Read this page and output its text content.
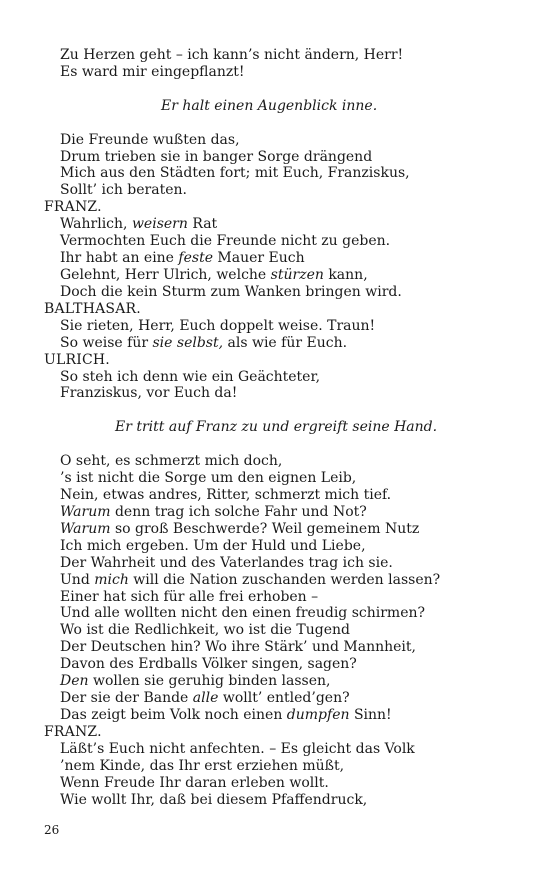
Zu Herzen geht – ich kann’s nicht ändern, Herr!
Es ward mir eingepflanzt!
Er halt einen Augenblick inne.
Die Freunde wußten das,
Drum trieben sie in banger Sorge drängend
Mich aus den Städten fort; mit Euch, Franziskus,
Sollt’ ich beraten.
FRANZ.
Wahrlich, weisern Rat
Vermochten Euch die Freunde nicht zu geben.
Ihr habt an eine feste Mauer Euch
Gelehnt, Herr Ulrich, welche stürzen kann,
Doch die kein Sturm zum Wanken bringen wird.
BALTHASAR.
Sie rieten, Herr, Euch doppelt weise. Traun!
So weise für sie selbst, als wie für Euch.
ULRICH.
So steh ich denn wie ein Geächteter,
Franziskus, vor Euch da!
Er tritt auf Franz zu und ergreift seine Hand.
O seht, es schmerzt mich doch,
’s ist nicht die Sorge um den eignen Leib,
Nein, etwas andres, Ritter, schmerzt mich tief.
Warum denn trag ich solche Fahr und Not?
Warum so groß Beschwerde? Weil gemeinem Nutz
Ich mich ergeben. Um der Huld und Liebe,
Der Wahrheit und des Vaterlandes trag ich sie.
Und mich will die Nation zuschanden werden lassen?
Einer hat sich für alle frei erhoben –
Und alle wollten nicht den einen freudig schirmen?
Wo ist die Redlichkeit, wo ist die Tugend
Der Deutschen hin? Wo ihre Stärk’ und Mannheit,
Davon des Erdballs Völker singen, sagen?
Den wollen sie geruhig binden lassen,
Der sie der Bande alle wollt’ entled’gen?
Das zeigt beim Volk noch einen dumpfen Sinn!
FRANZ.
Läßt’s Euch nicht anfechten. – Es gleicht das Volk
’nem Kinde, das Ihr erst erziehen müßt,
Wenn Freude Ihr daran erleben wollt.
Wie wollt Ihr, daß bei diesem Pfaffendruck,
26
